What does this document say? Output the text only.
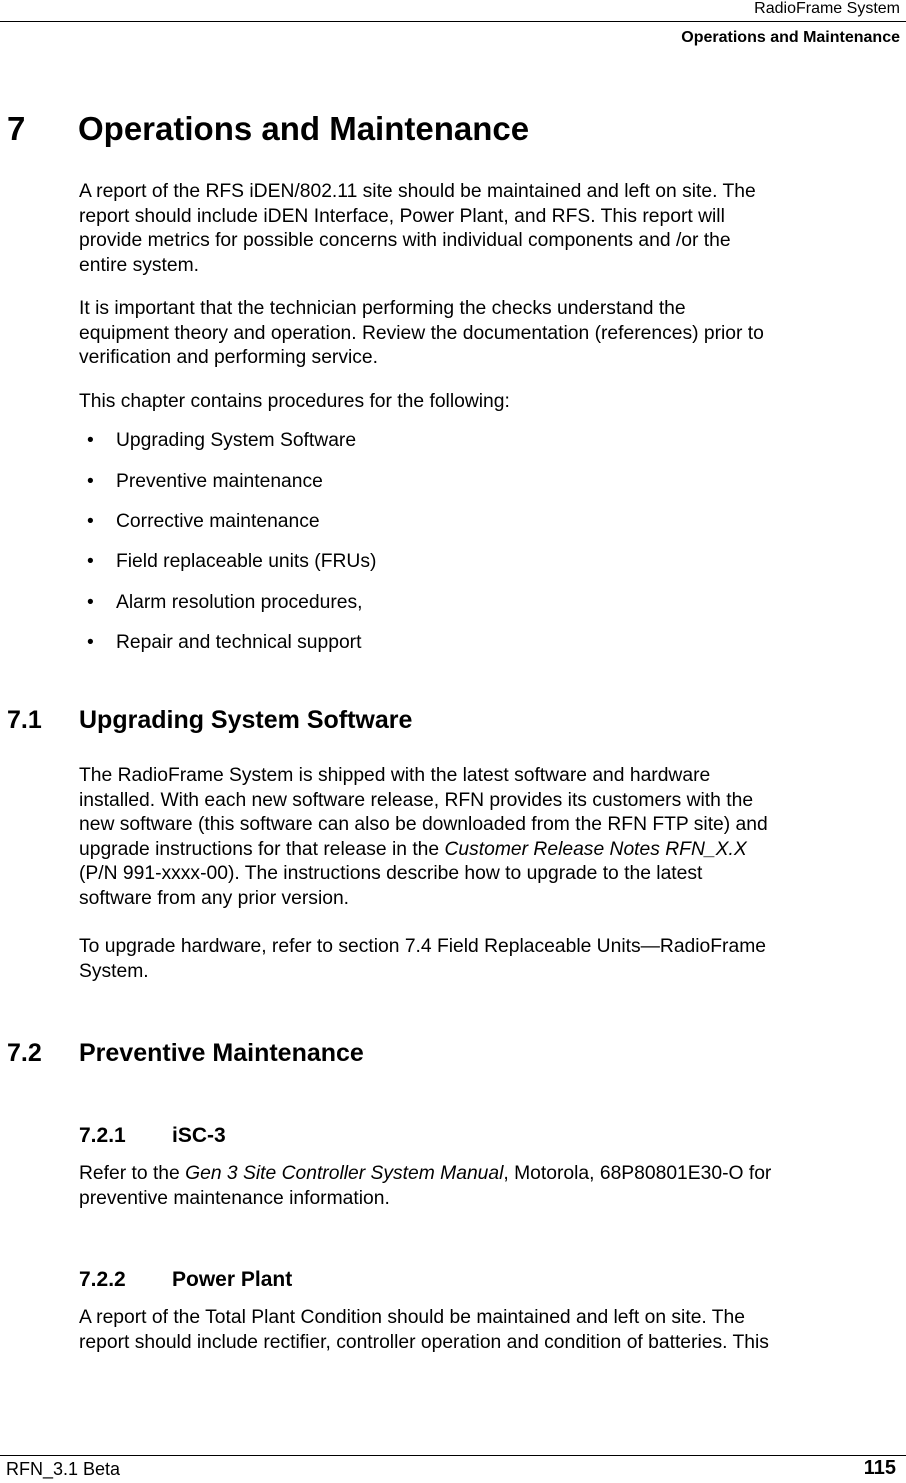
RadioFrame System
Operations and Maintenance
7 Operations and Maintenance
A report of the RFS iDEN/802.11 site should be maintained and left on site. The
report should include iDEN Interface, Power Plant, and RFS. This report will
provide metrics for possible concerns with individual components and /or the
entire system.
It is important that the technician performing the checks understand the
equipment theory and operation. Review the documentation (references) prior to
verification and performing service.
This chapter contains procedures for the following:
• Upgrading System Software
• Preventive maintenance
• Corrective maintenance
• Field replaceable units (FRUs)
• Alarm resolution procedures,
• Repair and technical support
7.1 Upgrading System Software
The RadioFrame System is shipped with the latest software and hardware
installed. With each new software release, RFN provides its customers with the
new software (this software can also be downloaded from the RFN FTP site) and
upgrade instructions for that release in the Customer Release Notes RFN_X.X
(P/N 991-xxxx-00). The instructions describe how to upgrade to the latest
software from any prior version.
To upgrade hardware, refer to section 7.4 Field Replaceable Units—RadioFrame
System.
7.2 Preventive Maintenance
7.2.1 iSC-3
Refer to the Gen 3 Site Controller System Manual, Motorola, 68P80801E30-O for
preventive maintenance information.
7.2.2 Power Plant
A report of the Total Plant Condition should be maintained and left on site. The
report should include rectifier, controller operation and condition of batteries. This
RFN_3.1 Beta	115
